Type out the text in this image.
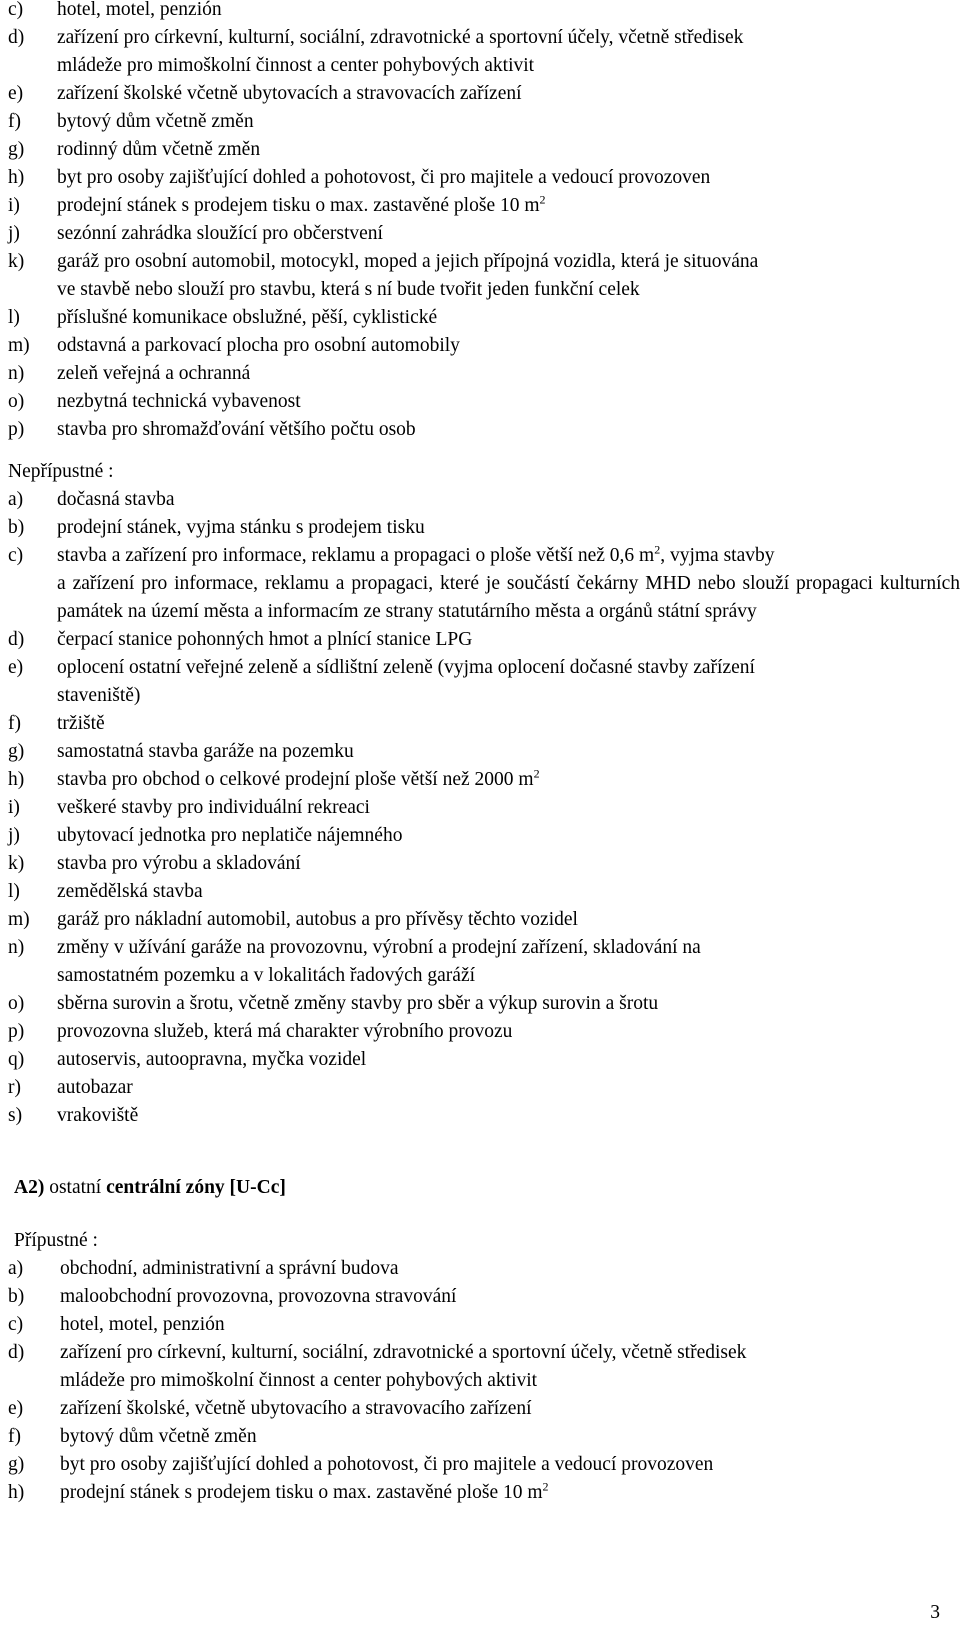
c)	hotel, motel, penzión
d)	zařízení pro církevní, kulturní, sociální, zdravotnické a sportovní účely, včetně středisek
mládeže pro mimoškolní činnost a center pohybových aktivit
e)	zařízení školské včetně ubytovacích a stravovacích zařízení
f)	bytový dům včetně změn
g)	rodinný dům včetně změn
h)	byt pro osoby zajišťující dohled a pohotovost, či pro majitele a vedoucí provozoven
i)	prodejní stánek s prodejem tisku o max. zastavěné ploše 10 $m^2$
j)	sezónní zahrádka sloužící pro občerstvení
k)	garáž pro osobní automobil, motocykl, moped a jejich přípojná vozidla, která je situována
ve stavbě nebo slouží pro stavbu, která s ní bude tvořit jeden funkční celek
l)	příslušné komunikace obslužné, pěší, cyklistické
m)	odstavná a parkovací plocha pro osobní automobily
n)	zeleň veřejná a ochranná
o)	nezbytná technická vybavenost
p)	stavba pro shromažďování většího počtu osob
Nepřípustné :
a)	dočasná stavba
b)	prodejní stánek, vyjma stánku s prodejem tisku
c)	stavba a zařízení pro informace, reklamu a propagaci o ploše větší než 0,6 $m^2$, vyjma stavby
a zařízení pro informace, reklamu a propagaci, které je součástí čekárny MHD nebo slouží propagaci kulturních památek na území města a informacím ze strany statutárního města a orgánů státní správy
d)	čerpací stanice pohonných hmot a plnící stanice LPG
e)	oplocení ostatní veřejné zeleně a sídlištní zeleně (vyjma oplocení dočasné stavby zařízení
staveniště)
f)	tržiště
g)	samostatná stavba garáže na pozemku
h)	stavba pro obchod o celkové prodejní ploše větší než 2000 $m^2$
i)	veškeré stavby pro individuální rekreaci
j)	ubytovací jednotka pro neplatiče nájemného
k)	stavba pro výrobu a skladování
l)	zemědělská stavba
m)	garáž pro nákladní automobil, autobus a pro přívěsy těchto vozidel
n)	změny v užívání garáže na provozovnu, výrobní a prodejní zařízení, skladování na
samostatném pozemku a v lokalitách řadových garáží
o)	sběrna surovin a šrotu, včetně změny stavby pro sběr a výkup surovin a šrotu
p)	provozovna služeb, která má charakter výrobního provozu
q)	autoservis, autoopravna, myčka vozidel
r)	autobazar
s)	vrakoviště
A2) ostatní centrální zóny [U-Cc]
Přípustné :
a)	obchodní, administrativní a správní budova
b)	maloobchodní provozovna, provozovna stravování
c)	hotel, motel, penzión
d)	zařízení pro církevní, kulturní, sociální, zdravotnické a sportovní účely, včetně středisek
mládeže pro mimoškolní činnost a center pohybových aktivit
e)	zařízení školské, včetně ubytovacího a stravovacího zařízení
f)	bytový dům včetně změn
g)	byt pro osoby zajišťující dohled a pohotovost, či pro majitele a vedoucí provozoven
h)	prodejní stánek s prodejem tisku o max. zastavěné ploše 10 $m^2$
3
